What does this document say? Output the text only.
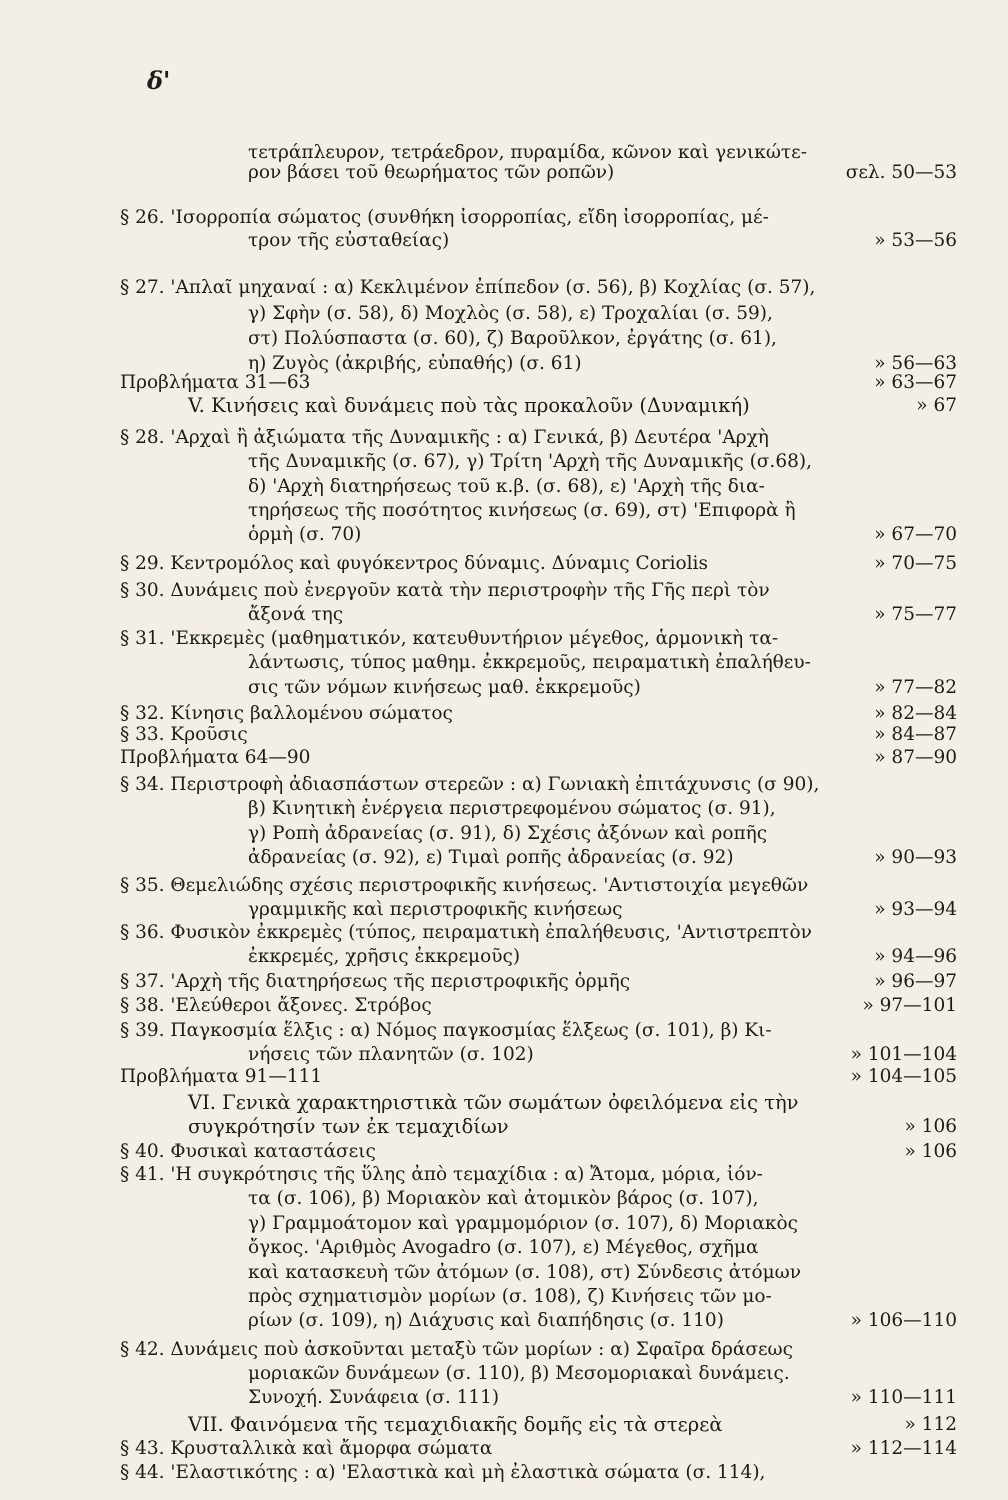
δ'
τετράπλευρον, τετράεδρον, πυραμίδα, κῶνον καὶ γενικώτε-
ρον βάσει τοῦ θεωρήματος τῶν ροπῶν)	σελ. 50—53
§ 26. 'Ισορροπία σώματος (συνθήκη ἰσορροπίας, εἴδη ἰσορροπίας, μέ-
τρον τῆς εὐσταθείας)	» 53—56
§ 27. 'Απλαῖ μηχαναί : α) Κεκλιμένον ἐπίπεδον (σ. 56), β) Κοχλίας (σ. 57),
γ) Σφὴν (σ. 58), δ) Μοχλὸς (σ. 58), ε) Τροχαλίαι (σ. 59),
στ) Πολύσπαστα (σ. 60), ζ) Βαροῦλκον, ἐργάτης (σ. 61),
η) Ζυγὸς (ἀκριβής, εὐπαθής) (σ. 61)	» 56—63
Προβλήματα 31—63	» 63—67
V. Κινήσεις καὶ δυνάμεις ποὺ τὰς προκαλοῦν (Δυναμική)	» 67
§ 28. 'Αρχαὶ ἢ ἀξιώματα τῆς Δυναμικῆς : α) Γενικά, β) Δευτέρα 'Αρχὴ
τῆς Δυναμικῆς (σ. 67), γ) Τρίτη 'Αρχὴ τῆς Δυναμικῆς (σ.68),
δ) 'Αρχὴ διατηρήσεως τοῦ κ.β. (σ. 68), ε) 'Αρχὴ τῆς δια-
τηρήσεως τῆς ποσότητος κινήσεως (σ. 69), στ) 'Επιφορὰ ἢ
ὁρμὴ (σ. 70)	» 67—70
§ 29. Κεντρομόλος καὶ φυγόκεντρος δύναμις. Δύναμις Coriolis	» 70—75
§ 30. Δυνάμεις ποὺ ἐνεργοῦν κατὰ τὴν περιστροφὴν τῆς Γῆς περὶ τὸν
ἄξονά της	» 75—77
§ 31. 'Εκκρεμὲς (μαθηματικόν, κατευθυντήριον μέγεθος, ἁρμονικὴ τα-
λάντωσις, τύπος μαθημ. ἐκκρεμοῦς, πειραματικὴ ἐπαλήθευ-
σις τῶν νόμων κινήσεως μαθ. ἐκκρεμοῦς)	» 77—82
§ 32. Κίνησις βαλλομένου σώματος	» 82—84
§ 33. Κροῦσις	» 84—87
Προβλήματα 64—90	» 87—90
§ 34. Περιστροφὴ ἀδιασπάστων στερεῶν : α) Γωνιακὴ ἐπιτάχυνσις (σ 90),
β) Κινητικὴ ἐνέργεια περιστρεφομένου σώματος (σ. 91),
γ) Ροπὴ ἀδρανείας (σ. 91), δ) Σχέσις ἀξόνων καὶ ροπῆς
ἀδρανείας (σ. 92), ε) Τιμαὶ ροπῆς ἀδρανείας (σ. 92)	» 90—93
§ 35. Θεμελιώδης σχέσις περιστροφικῆς κινήσεως. 'Αντιστοιχία μεγεθῶν
γραμμικῆς καὶ περιστροφικῆς κινήσεως	» 93—94
§ 36. Φυσικὸν ἐκκρεμὲς (τύπος, πειραματικὴ ἐπαλήθευσις, 'Αντιστρεπτὸν
ἐκκρεμές, χρῆσις ἐκκρεμοῦς)	» 94—96
§ 37. 'Αρχὴ τῆς διατηρήσεως τῆς περιστροφικῆς ὁρμῆς	» 96—97
§ 38. 'Ελεύθεροι ἄξονες. Στρόβος	» 97—101
§ 39. Παγκοσμία ἕλξις : α) Νόμος παγκοσμίας ἕλξεως (σ. 101), β) Κι-
νήσεις τῶν πλανητῶν (σ. 102)	» 101—104
Προβλήματα 91—111	» 104—105
VI. Γενικὰ χαρακτηριστικὰ τῶν σωμάτων ὀφειλόμενα εἰς τὴν
συγκρότησίν των ἐκ τεμαχιδίων	» 106
§ 40. Φυσικαὶ καταστάσεις	» 106
§ 41. 'Η συγκρότησις τῆς ὕλης ἀπὸ τεμαχίδια : α) Ἄτομα, μόρια, ἰόν-
τα (σ. 106), β) Μοριακὸν καὶ ἀτομικὸν βάρος (σ. 107),
γ) Γραμμοάτομον καὶ γραμμομόριον (σ. 107), δ) Μοριακὸς
ὄγκος. 'Αριθμὸς Avogadro (σ. 107), ε) Μέγεθος, σχῆμα
καὶ κατασκευὴ τῶν ἀτόμων (σ. 108), στ) Σύνδεσις ἀτόμων
πρὸς σχηματισμὸν μορίων (σ. 108), ζ) Κινήσεις τῶν μο-
ρίων (σ. 109), η) Διάχυσις καὶ διαπήδησις (σ. 110)	» 106—110
§ 42. Δυνάμεις ποὺ ἀσκοῦνται μεταξὺ τῶν μορίων : α) Σφαῖρα δράσεως
μοριακῶν δυνάμεων (σ. 110), β) Μεσομοριακαὶ δυνάμεις.
Συνοχή. Συνάφεια (σ. 111)	» 110—111
VII. Φαινόμενα τῆς τεμαχιδιακῆς δομῆς εἰς τὰ στερεὰ	» 112
§ 43. Κρυσταλλικὰ καὶ ἄμορφα σώματα	» 112—114
§ 44. 'Ελαστικότης : α) 'Ελαστικὰ καὶ μὴ ἐλαστικὰ σώματα (σ. 114),
